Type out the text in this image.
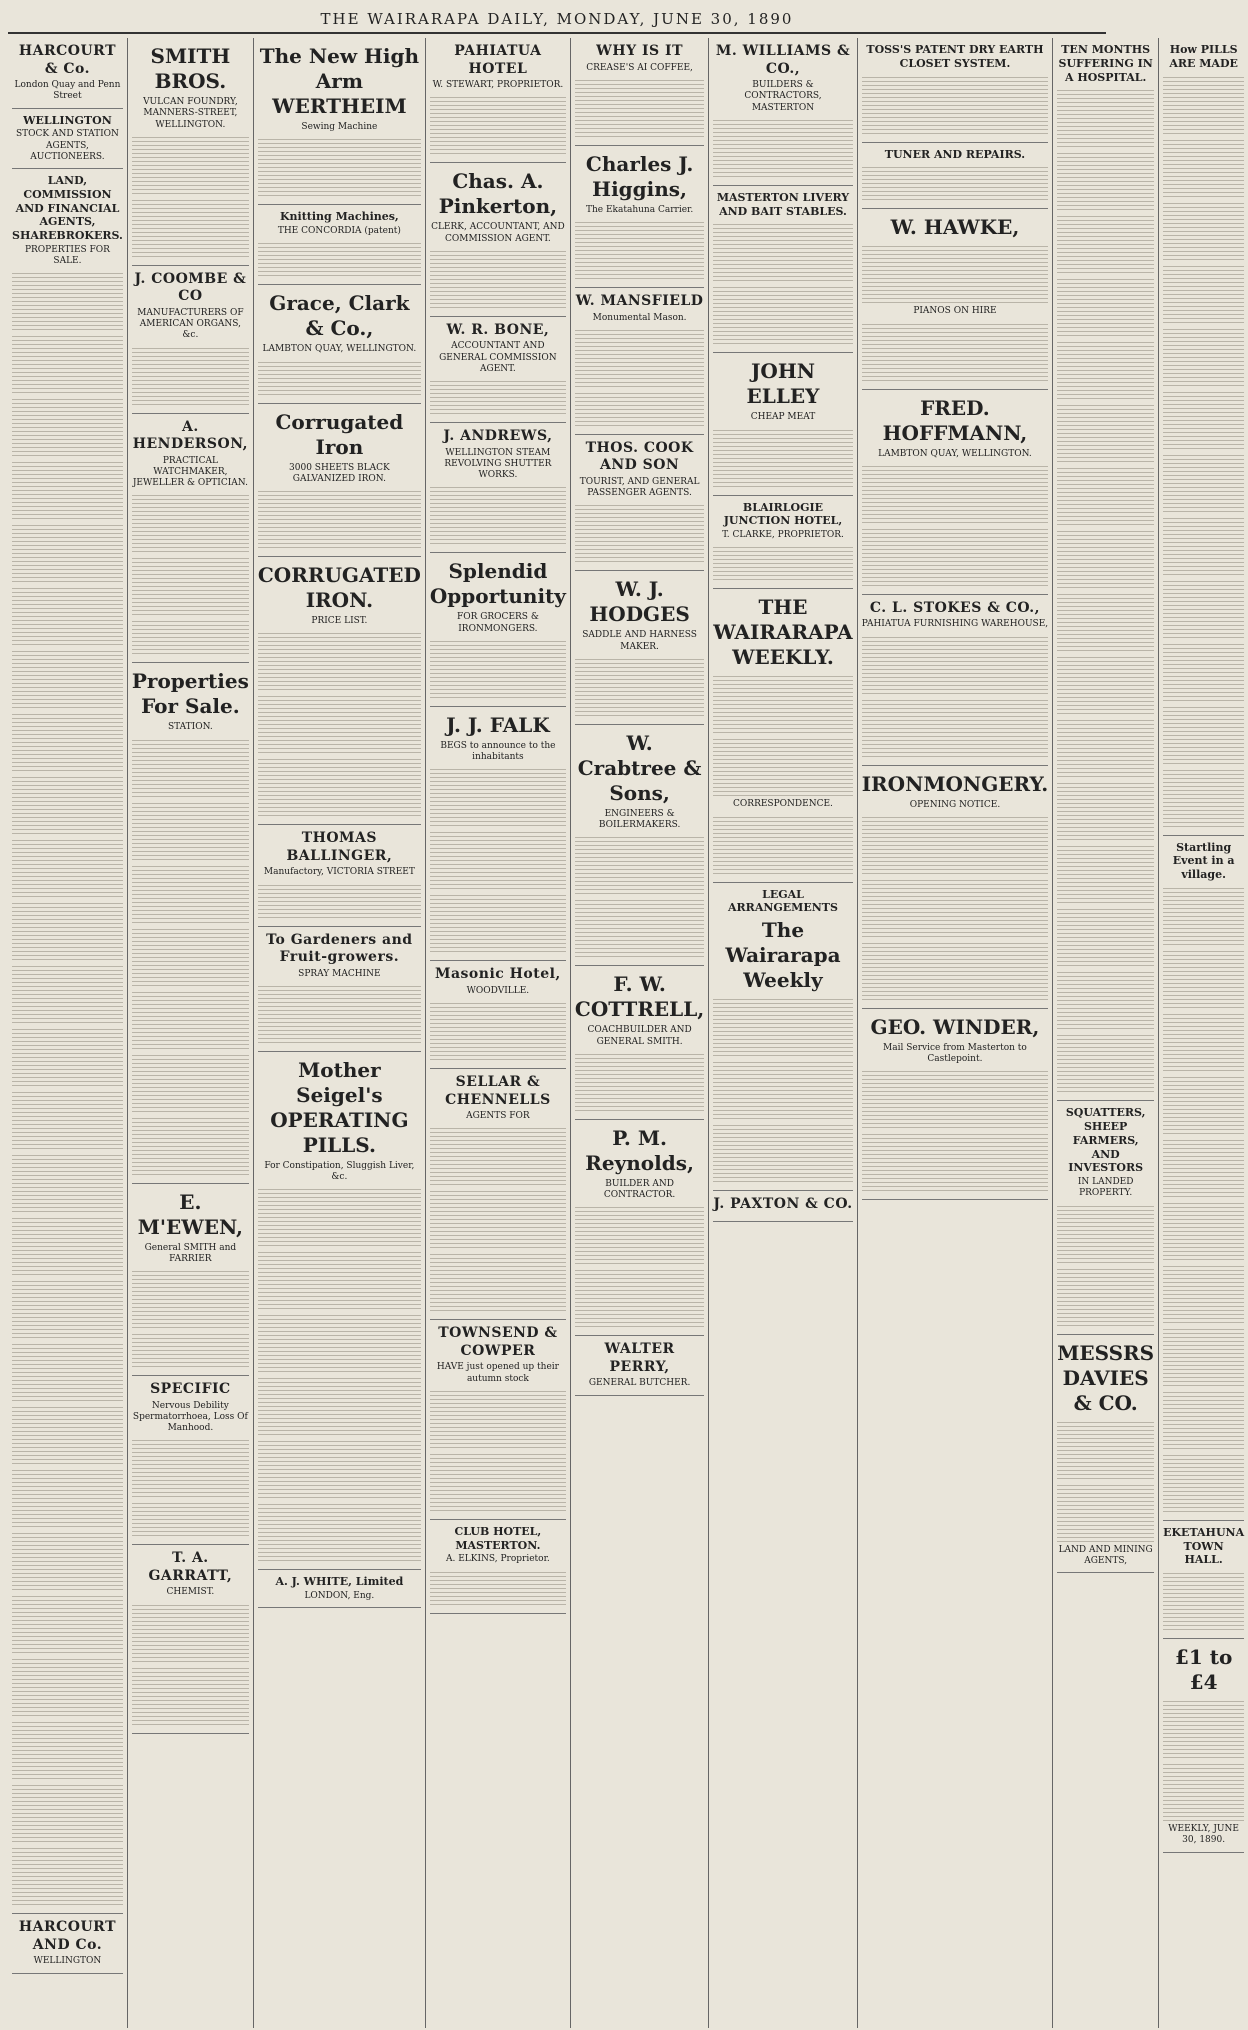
THE WAIRARAPA DAILY, MONDAY, JUNE 30, 1890
HARCOURT & Co.
London Quay and Penn Street
WELLINGTON
STOCK AND STATION AGENTS, AUCTIONEERS.
LAND, COMMISSION AND FINANCIAL AGENTS, SHAREBROKERS.
PROPERTIES FOR SALE.
HARCOURT AND Co.
WELLINGTON
SMITH BROS.
VULCAN FOUNDRY, MANNERS-STREET, WELLINGTON.
J. COOMBE & CO
MANUFACTURERS OF AMERICAN ORGANS, &c.
A. HENDERSON,
PRACTICAL WATCHMAKER, JEWELLER & OPTICIAN.
Properties For Sale.
STATION.
E. M'EWEN,
General SMITH and FARRIER
SPECIFIC
Nervous Debility Spermatorrhoea, Loss Of Manhood.
T. A. GARRATT,
CHEMIST.
The New High Arm WERTHEIM
Sewing Machine
Knitting Machines,
THE CONCORDIA (patent)
Grace, Clark & Co.,
LAMBTON QUAY, WELLINGTON.
Corrugated Iron
3000 SHEETS BLACK GALVANIZED IRON.
CORRUGATED IRON.
PRICE LIST.
THOMAS BALLINGER,
Manufactory, VICTORIA STREET
To Gardeners and Fruit-growers.
SPRAY MACHINE
Mother Seigel's OPERATING PILLS.
For Constipation, Sluggish Liver, &c.
A. J. WHITE, Limited
LONDON, Eng.
PAHIATUA HOTEL
W. STEWART, PROPRIETOR.
Chas. A. Pinkerton,
CLERK, ACCOUNTANT, AND COMMISSION AGENT.
W. R. BONE,
ACCOUNTANT AND GENERAL COMMISSION AGENT.
J. ANDREWS,
WELLINGTON STEAM REVOLVING SHUTTER WORKS.
Splendid Opportunity
FOR GROCERS & IRONMONGERS.
J. J. FALK
BEGS to announce to the inhabitants
Masonic Hotel,
WOODVILLE.
SELLAR & CHENNELLS
AGENTS FOR
TOWNSEND & COWPER
HAVE just opened up their autumn stock
CLUB HOTEL, MASTERTON.
A. ELKINS, Proprietor.
WHY IS IT
CREASE'S AI COFFEE,
Charles J. Higgins,
The Ekatahuna Carrier.
W. MANSFIELD
Monumental Mason.
THOS. COOK AND SON
TOURIST, AND GENERAL PASSENGER AGENTS.
W. J. HODGES
SADDLE AND HARNESS MAKER.
W. Crabtree & Sons,
ENGINEERS & BOILERMAKERS.
F. W. COTTRELL,
COACHBUILDER AND GENERAL SMITH.
P. M. Reynolds,
BUILDER AND CONTRACTOR.
WALTER PERRY,
GENERAL BUTCHER.
M. WILLIAMS & CO.,
BUILDERS & CONTRACTORS, MASTERTON
MASTERTON LIVERY AND BAIT STABLES.
JOHN ELLEY
CHEAP MEAT
BLAIRLOGIE JUNCTION HOTEL,
T. CLARKE, PROPRIETOR.
THE WAIRARAPA WEEKLY.
CORRESPONDENCE.
LEGAL ARRANGEMENTS
The Wairarapa Weekly
J. PAXTON & CO.
TOSS'S PATENT DRY EARTH CLOSET SYSTEM.
TUNER AND REPAIRS.
W. HAWKE,
PIANOS ON HIRE
FRED. HOFFMANN,
LAMBTON QUAY, WELLINGTON.
C. L. STOKES & CO.,
PAHIATUA FURNISHING WAREHOUSE,
IRONMONGERY.
OPENING NOTICE.
GEO. WINDER,
Mail Service from Masterton to Castlepoint.
TEN MONTHS SUFFERING IN A HOSPITAL.
SQUATTERS, SHEEP FARMERS, AND INVESTORS
IN LANDED PROPERTY.
MESSRS DAVIES & CO.
LAND AND MINING AGENTS,
How PILLS ARE MADE
Startling Event in a village.
EKETAHUNA TOWN HALL.
£1 to £4
WEEKLY, JUNE 30, 1890.
